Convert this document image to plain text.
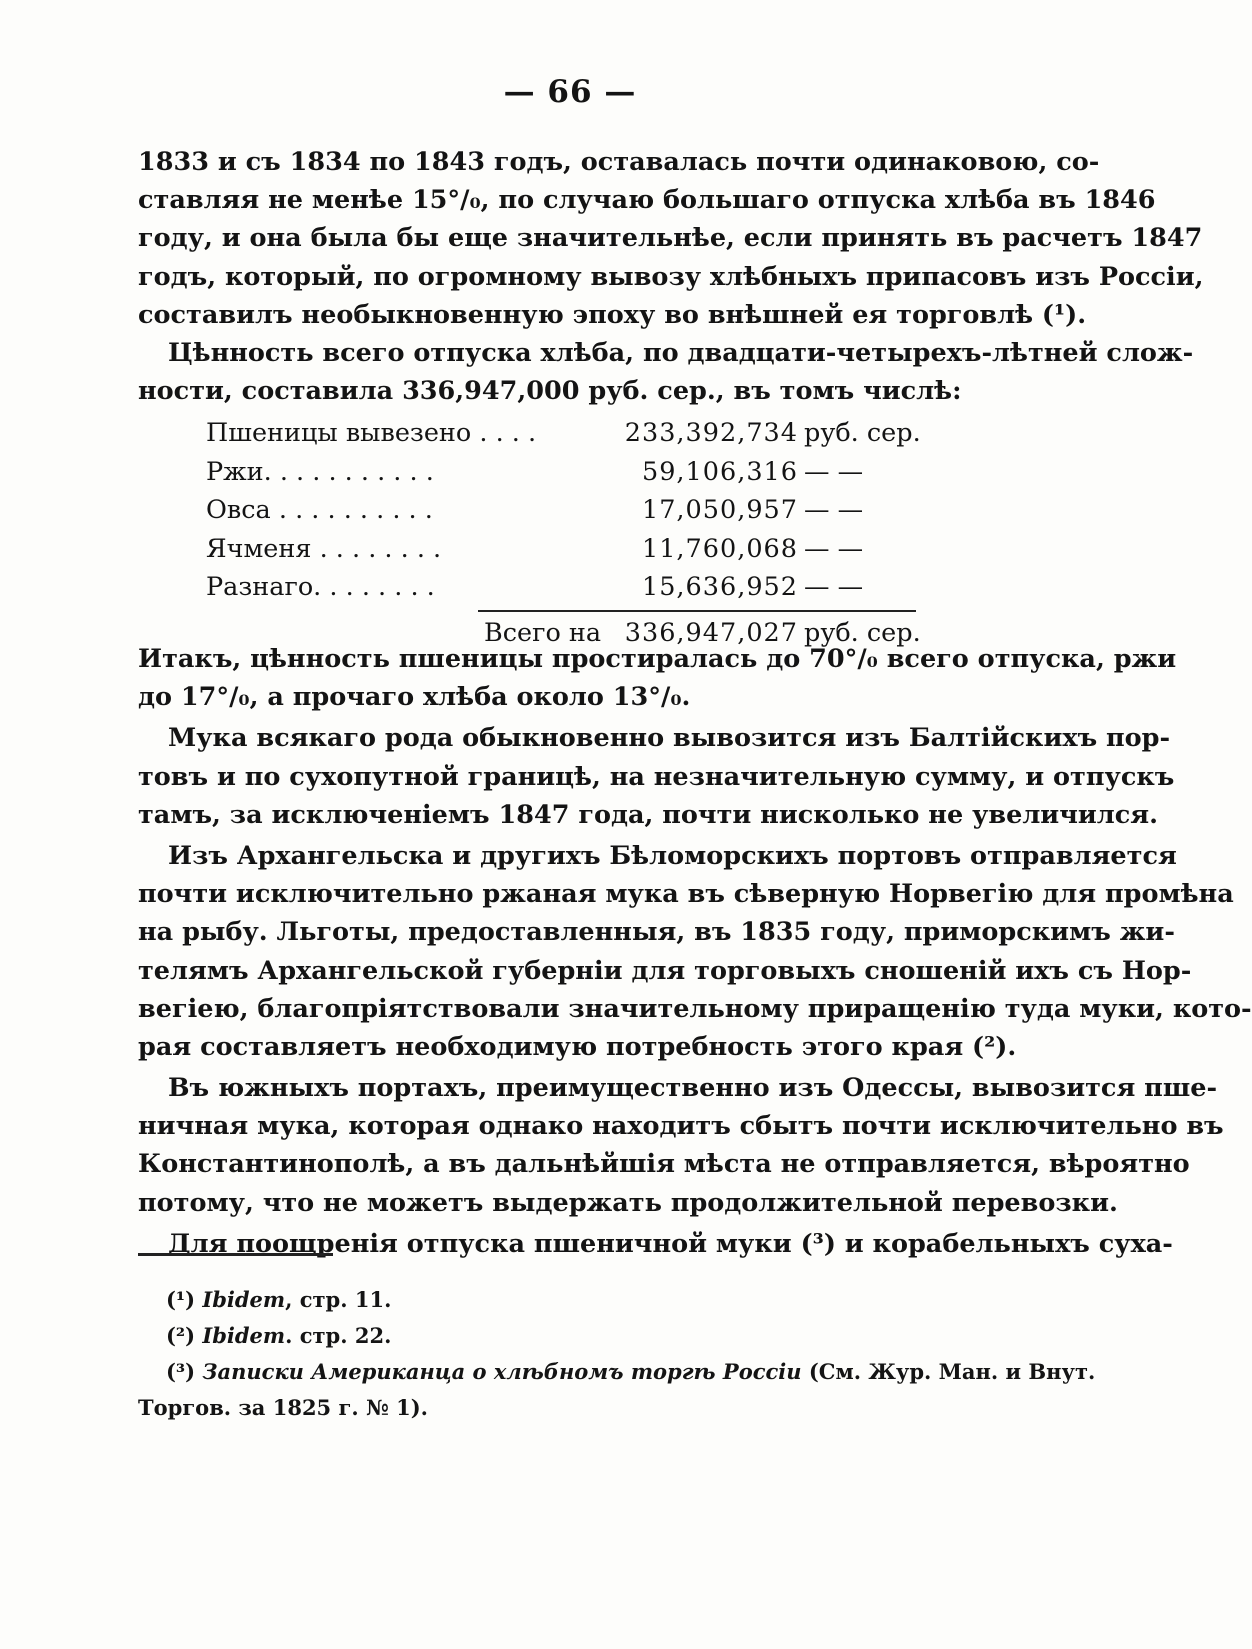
— 66 —
1833 и съ 1834 по 1843 годъ, оставалась почти одинаковою, со-
ставляя не менѣе 15°/₀, по случаю большаго отпуска хлѣба въ 1846
году, и она была бы еще значительнѣе, если принять въ расчетъ 1847
годъ, который, по огромному вывозу хлѣбныхъ припасовъ изъ Россіи,
составилъ необыкновенную эпоху во внѣшней ея торговлѣ (¹).
Цѣнность всего отпуска хлѣба, по двадцати-четырехъ-лѣтней слож-
ности, составила 336,947,000 руб. сер., въ томъ числѣ:
Пшеницы вывезено . . . .	233,392,734 руб. сер.
Ржи. . . . . . . . . . .	59,106,316 — —
Овса . . . . . . . . . .	17,050,957 — —
Ячменя . . . . . . . .	11,760,068 — —
Разнаго. . . . . . . .	15,636,952 — —
Всего на 336,947,027 руб. сер.
Итакъ, цѣнность пшеницы простиралась до 70°/₀ всего отпуска, ржи
до 17°/₀, а прочаго хлѣба около 13°/₀.
Мука всякаго рода обыкновенно вывозится изъ Балтійскихъ пор-
товъ и по сухопутной границѣ, на незначительную сумму, и отпускъ
тамъ, за исключеніемъ 1847 года, почти нисколько не увеличился.
Изъ Архангельска и другихъ Бѣломорскихъ портовъ отправляется
почти исключительно ржаная мука въ сѣверную Норвегію для промѣна
на рыбу. Льготы, предоставленныя, въ 1835 году, приморскимъ жи-
телямъ Архангельской губерніи для торговыхъ сношеній ихъ съ Нор-
вегіею, благопріятствовали значительному приращенію туда муки, кото-
рая составляетъ необходимую потребность этого края (²).
Въ южныхъ портахъ, преимущественно изъ Одессы, вывозится пше-
ничная мука, которая однако находитъ сбытъ почти исключительно въ
Константинополѣ, а въ дальнѣйшія мѣста не отправляется, вѣроятно
потому, что не можетъ выдержать продолжительной перевозки.
Для поощренія отпуска пшеничной муки (³) и корабельныхъ суха-
(¹) Ibidem, стр. 11.
(²) Ibidem. стр. 22.
(³) Записки Американца о хлѣбномъ торгѣ Россіи (См. Жур. Ман. и Внут.
Торгов. за 1825 г. № 1).
